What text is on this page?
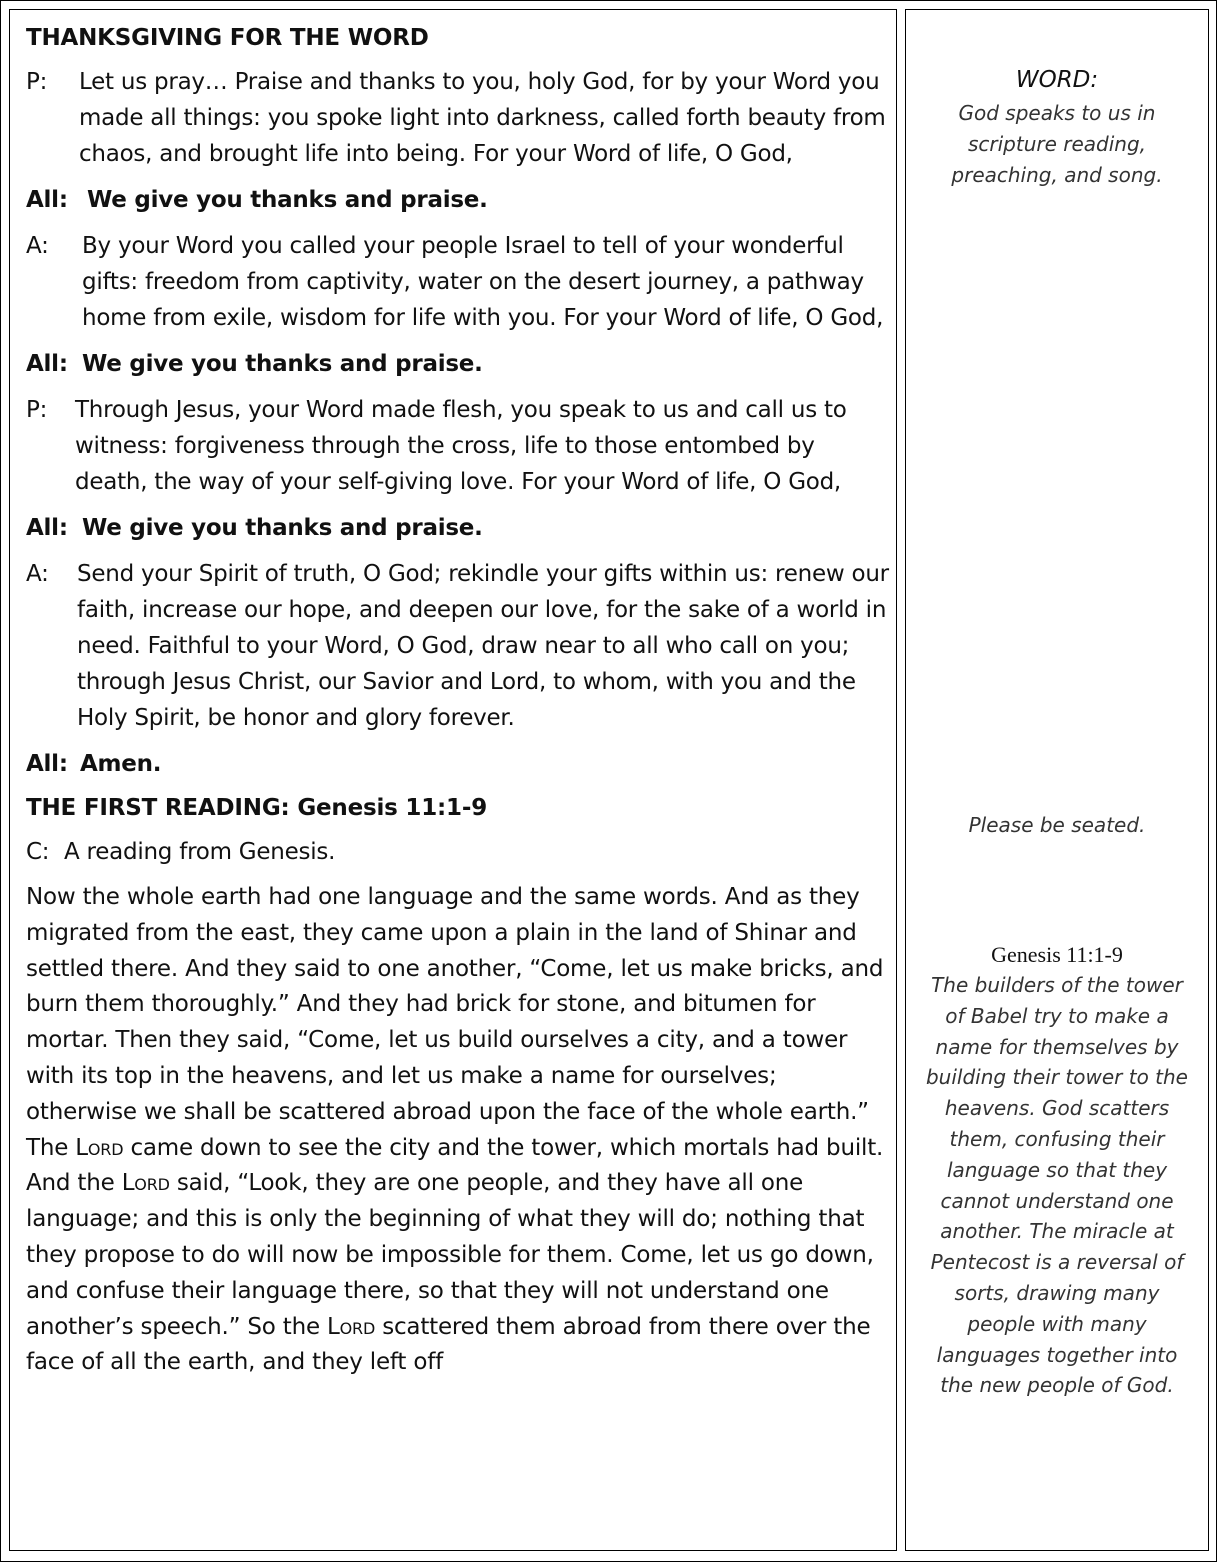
THANKSGIVING FOR THE WORD
P:	Let us pray… Praise and thanks to you, holy God, for by your Word you made all things: you spoke light into darkness, called forth beauty from chaos, and brought life into being. For your Word of life, O God,
All: We give you thanks and praise.
A:	By your Word you called your people Israel to tell of your wonderful gifts: freedom from captivity, water on the desert journey, a pathway home from exile, wisdom for life with you. For your Word of life, O God,
All: We give you thanks and praise.
P:	Through Jesus, your Word made flesh, you speak to us and call us to witness: forgiveness through the cross, life to those entombed by death, the way of your self-giving love. For your Word of life, O God,
All: We give you thanks and praise.
A:	Send your Spirit of truth, O God; rekindle your gifts within us: renew our faith, increase our hope, and deepen our love, for the sake of a world in need. Faithful to your Word, O God, draw near to all who call on you; through Jesus Christ, our Savior and Lord, to whom, with you and the Holy Spirit, be honor and glory forever.
All: Amen.
THE FIRST READING: Genesis 11:1-9
C: A reading from Genesis.

Now the whole earth had one language and the same words. And as they migrated from the east, they came upon a plain in the land of Shinar and settled there. And they said to one another, “Come, let us make bricks, and burn them thoroughly.” And they had brick for stone, and bitumen for mortar. Then they said, “Come, let us build ourselves a city, and a tower with its top in the heavens, and let us make a name for ourselves; otherwise we shall be scattered abroad upon the face of the whole earth.” The Lord came down to see the city and the tower, which mortals had built. And the Lord said, “Look, they are one people, and they have all one language; and this is only the beginning of what they will do; nothing that they propose to do will now be impossible for them. Come, let us go down, and confuse their language there, so that they will not understand one another’s speech.” So the Lord scattered them abroad from there over the face of all the earth, and they left off

WORD:
God speaks to us in
scripture reading,
preaching, and song.
Please be seated.
Genesis 11:1-9
The builders of the tower
of Babel try to make a
name for themselves by
building their tower to the
heavens. God scatters
them, confusing their
language so that they
cannot understand one
another. The miracle at
Pentecost is a reversal of
sorts, drawing many
people with many
languages together into
the new people of God.
